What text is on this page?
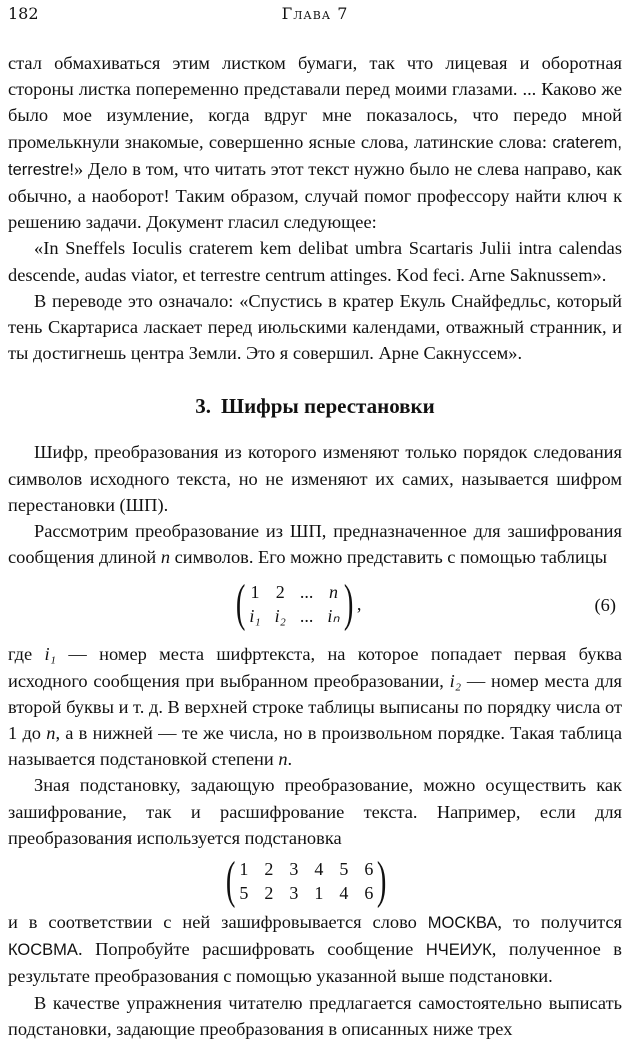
182	Глава 7

стал обмахиваться этим листком бумаги, так что лицевая и оборотная стороны листка попеременно представали перед моими глазами. ... Каково же было мое изумление, когда вдруг мне показалось, что передо мной промелькнули знакомые, совершенно ясные слова, латинские слова: craterem, terrestre!» Дело в том, что читать этот текст нужно было не слева направо, как обычно, а наоборот! Таким образом, случай помог профессору найти ключ к решению задачи. Документ гласил следующее:

«In Sneffels Ioculis craterem kem delibat umbra Scartaris Julii intra calendas descende, audas viator, et terrestre centrum attinges. Kod feci. Arne Saknussem».

В переводе это означало: «Спустись в кратер Екуль Снайфедльс, который тень Скартариса ласкает перед июльскими календами, отважный странник, и ты достигнешь центра Земли. Это я совершил. Арне Сакнуссем».

3. Шифры перестановки

Шифр, преобразования из которого изменяют только порядок следования символов исходного текста, но не изменяют их самих, называется шифром перестановки (ШП).

Рассмотрим преобразование из ШП, предназначенное для зашифрования сообщения длиной n символов. Его можно представить с помощью таблицы

( 1 2 ... n
i₁ i₂ ... iₙ ) ,	(6)

где i₁ — номер места шифртекста, на которое попадает первая буква исходного сообщения при выбранном преобразовании, i₂ — номер места для второй буквы и т. д. В верхней строке таблицы выписаны по порядку числа от 1 до n, а в нижней — те же числа, но в произвольном порядке. Такая таблица называется подстановкой степени n.

Зная подстановку, задающую преобразование, можно осуществить как зашифрование, так и расшифрование текста. Например, если для преобразования используется подстановка

( 1 2 3 4 5 6
5 2 3 1 4 6 )

и в соответствии с ней зашифровывается слово МОСКВА, то получится КОСВМА. Попробуйте расшифровать сообщение НЧЕИУК, полученное в результате преобразования с помощью указанной выше подстановки.

В качестве упражнения читателю предлагается самостоятельно выписать подстановки, задающие преобразования в описанных ниже трех
